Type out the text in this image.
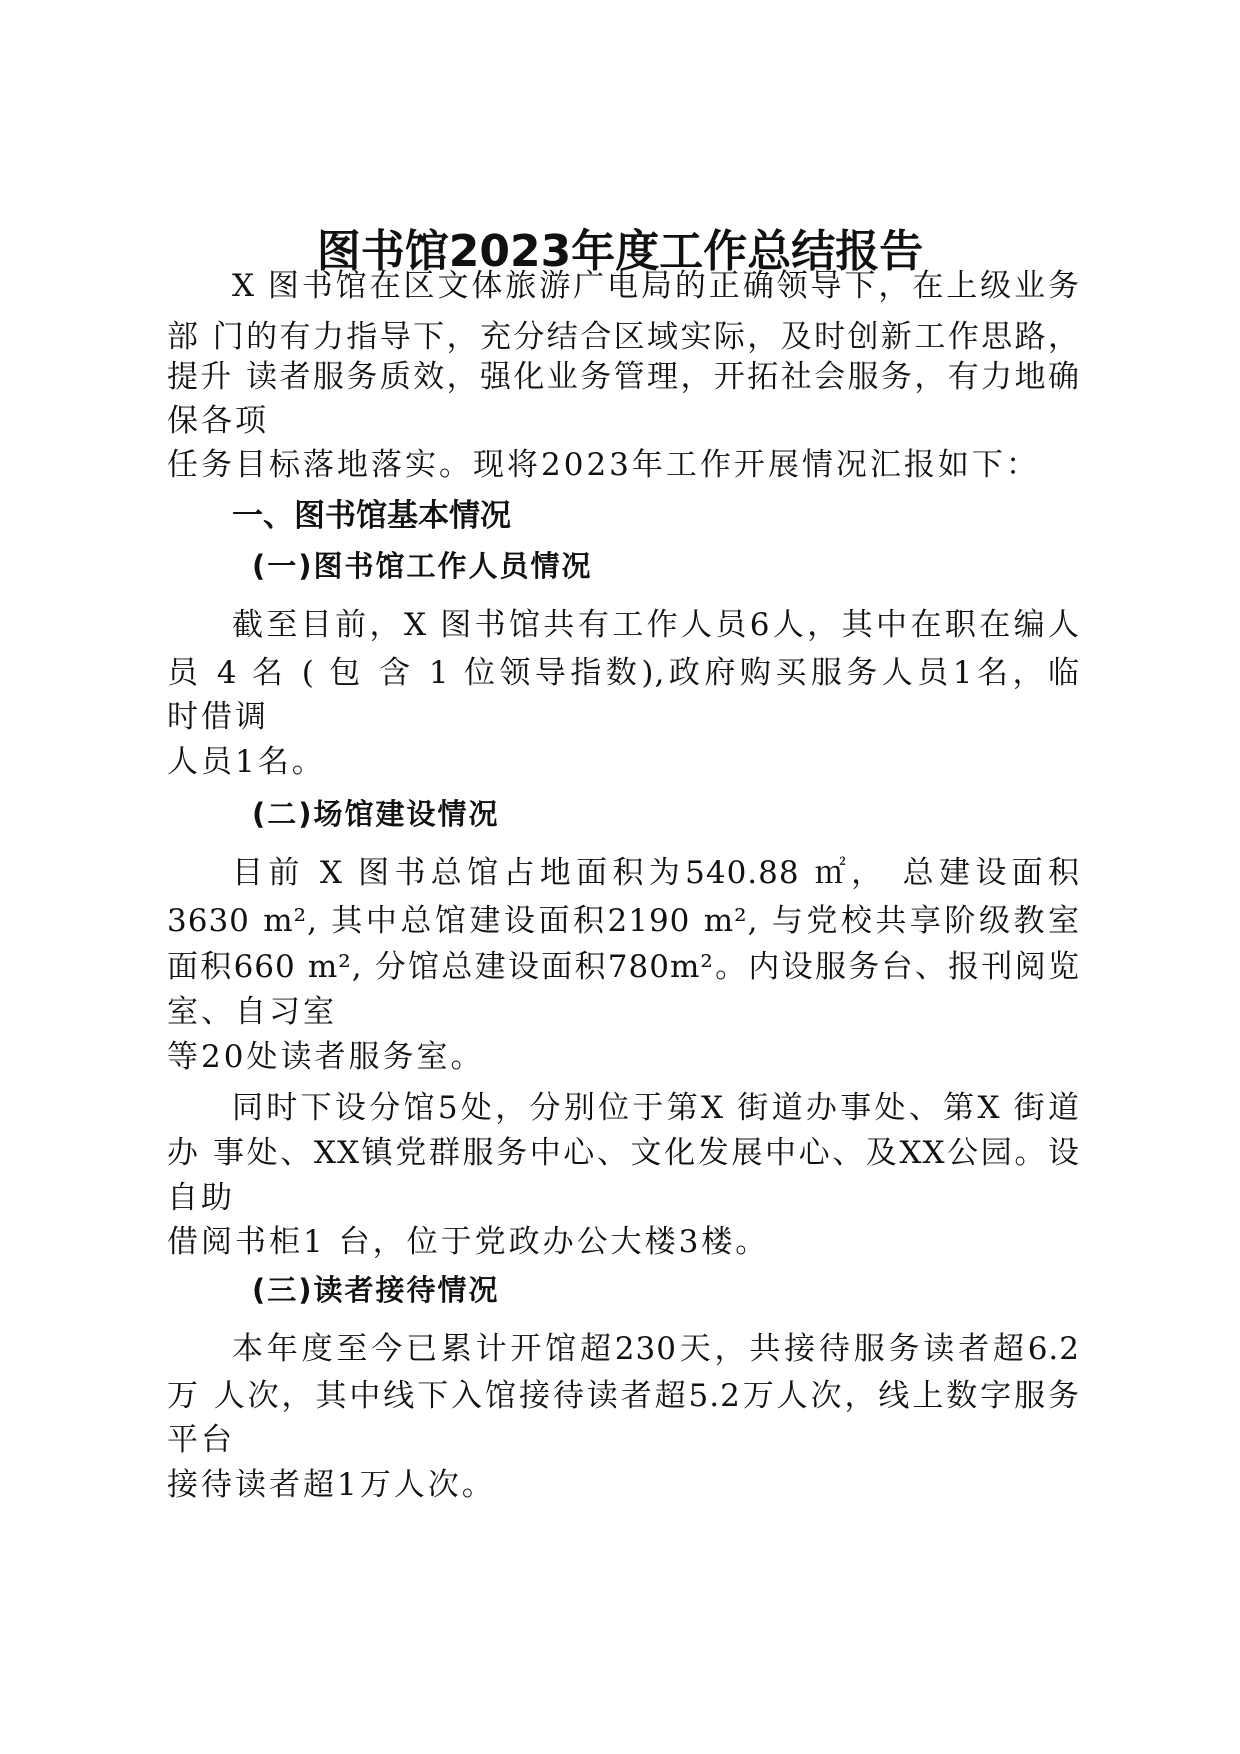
图书馆2023年度工作总结报告
X 图书馆在区文体旅游广电局的正确领导下，在上级业务
部 门的有力指导下，充分结合区域实际，及时创新工作思路，
提升 读者服务质效，强化业务管理，开拓社会服务，有力地确
保各项
任务目标落地落实。现将2023年工作开展情况汇报如下：
一、图书馆基本情况
(一)图书馆工作人员情况
截至目前，X 图书馆共有工作人员6人，其中在职在编人
员 4 名 ( 包 含 1 位领导指数),政府购买服务人员1名，临
时借调
人员1名。
(二)场馆建设情况
目前 X 图书总馆占地面积为540.88 ㎡， 总建设面积
3630 m², 其中总馆建设面积2190 m², 与党校共享阶级教室
面积660 m², 分馆总建设面积780m²。内设服务台、报刊阅览
室、自习室
等20处读者服务室。
同时下设分馆5处，分别位于第X 街道办事处、第X 街道
办 事处、XX镇党群服务中心、文化发展中心、及XX公园。设
自助
借阅书柜1 台，位于党政办公大楼3楼。
(三)读者接待情况
本年度至今已累计开馆超230天，共接待服务读者超6.2
万 人次，其中线下入馆接待读者超5.2万人次，线上数字服务
平台
接待读者超1万人次。
